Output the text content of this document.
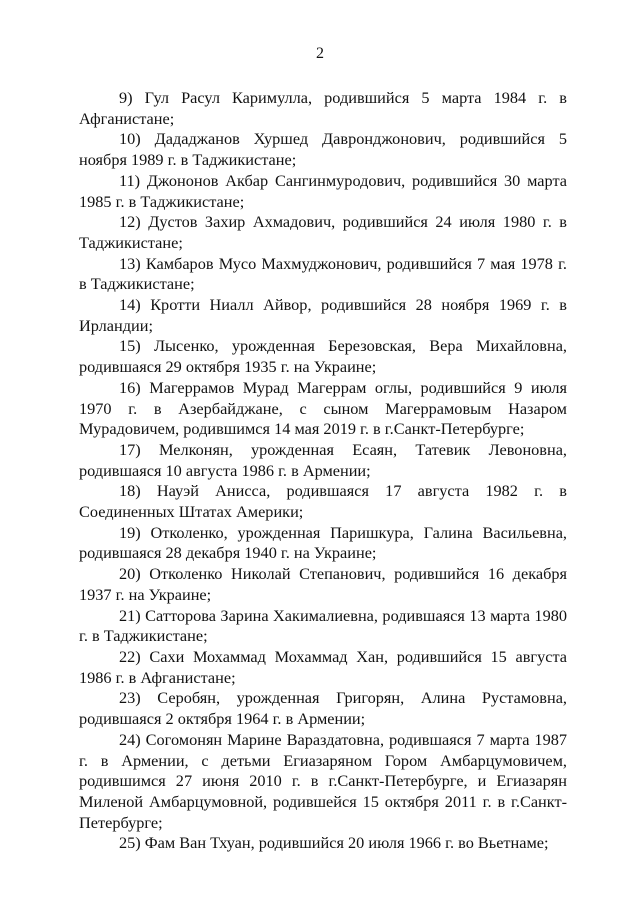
2

9) Гул Расул Каримулла, родившийся 5 марта 1984 г. в Афганистане;

10) Дададжанов Хуршед Давронджонович, родившийся 5 ноября 1989 г. в Таджикистане;

11) Джононов Акбар Сангинмуродович, родившийся 30 марта 1985 г. в Таджикистане;

12) Дустов Захир Ахмадович, родившийся 24 июля 1980 г. в Таджикистане;

13) Камбаров Мусо Махмуджонович, родившийся 7 мая 1978 г. в Таджикистане;

14) Кротти Ниалл Айвор, родившийся 28 ноября 1969 г. в Ирландии;

15) Лысенко, урожденная Березовская, Вера Михайловна, родившаяся 29 октября 1935 г. на Украине;

16) Магеррамов Мурад Магеррам оглы, родившийся 9 июля 1970 г. в Азербайджане, с сыном Магеррамовым Назаром Мурадовичем, родившимся 14 мая 2019 г. в г.Санкт-Петербурге;

17) Мелконян, урожденная Есаян, Татевик Левоновна, родившаяся 10 августа 1986 г. в Армении;

18) Науэй Анисса, родившаяся 17 августа 1982 г. в Соединенных Штатах Америки;

19) Отколенко, урожденная Паришкура, Галина Васильевна, родившаяся 28 декабря 1940 г. на Украине;

20) Отколенко Николай Степанович, родившийся 16 декабря 1937 г. на Украине;

21) Сатторова Зарина Хакималиевна, родившаяся 13 марта 1980 г. в Таджикистане;

22) Сахи Мохаммад Мохаммад Хан, родившийся 15 августа 1986 г. в Афганистане;

23) Серобян, урожденная Григорян, Алина Рустамовна, родившаяся 2 октября 1964 г. в Армении;

24) Согомонян Марине Вараздатовна, родившаяся 7 марта 1987 г. в Армении, с детьми Егиазаряном Гором Амбарцумовичем, родившимся 27 июня 2010 г. в г.Санкт-Петербурге, и Егиазарян Миленой Амбарцумовной, родившейся 15 октября 2011 г. в г.Санкт-Петербурге;

25) Фам Ван Тхуан, родившийся 20 июля 1966 г. во Вьетнаме;
